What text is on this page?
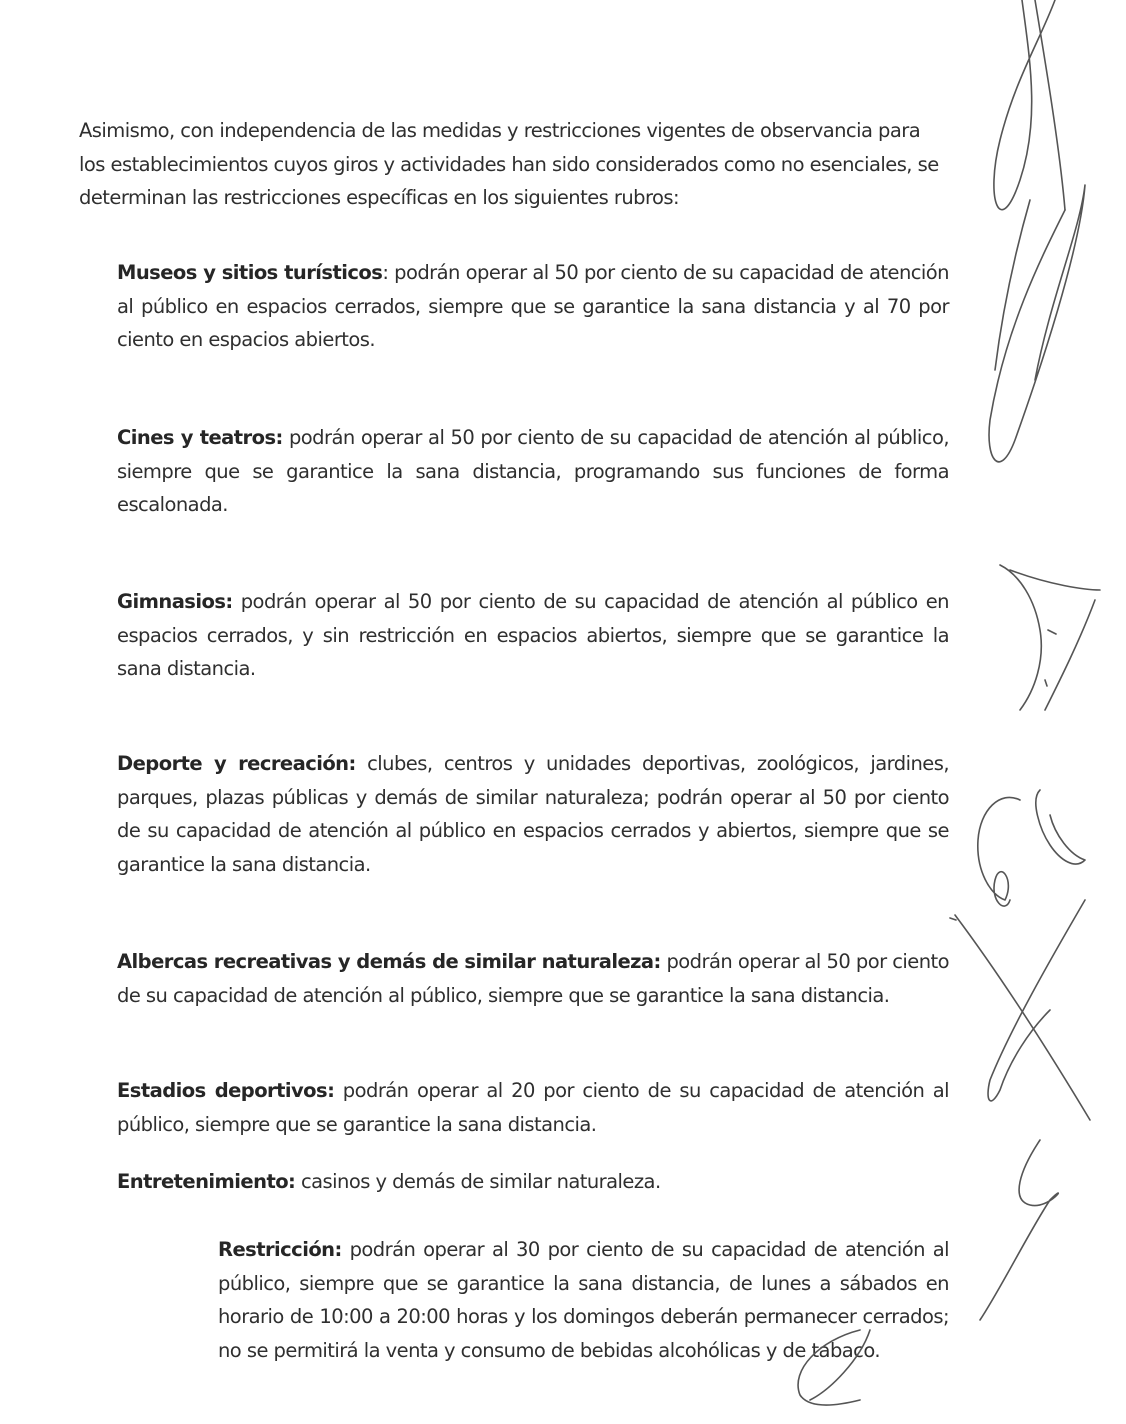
Asimismo, con independencia de las medidas y restricciones vigentes de observancia para los establecimientos cuyos giros y actividades han sido considerados como no esenciales, se determinan las restricciones específicas en los siguientes rubros:

Museos y sitios turísticos: podrán operar al 50 por ciento de su capacidad de atención al público en espacios cerrados, siempre que se garantice la sana distancia y al 70 por ciento en espacios abiertos.

Cines y teatros: podrán operar al 50 por ciento de su capacidad de atención al público, siempre que se garantice la sana distancia, programando sus funciones de forma escalonada.

Gimnasios: podrán operar al 50 por ciento de su capacidad de atención al público en espacios cerrados, y sin restricción en espacios abiertos, siempre que se garantice la sana distancia.

Deporte y recreación: clubes, centros y unidades deportivas, zoológicos, jardines, parques, plazas públicas y demás de similar naturaleza; podrán operar al 50 por ciento de su capacidad de atención al público en espacios cerrados y abiertos, siempre que se garantice la sana distancia.

Albercas recreativas y demás de similar naturaleza: podrán operar al 50 por ciento de su capacidad de atención al público, siempre que se garantice la sana distancia.

Estadios deportivos: podrán operar al 20 por ciento de su capacidad de atención al público, siempre que se garantice la sana distancia.

Entretenimiento: casinos y demás de similar naturaleza.

Restricción: podrán operar al 30 por ciento de su capacidad de atención al público, siempre que se garantice la sana distancia, de lunes a sábados en horario de 10:00 a 20:00 horas y los domingos deberán permanecer cerrados; no se permitirá la venta y consumo de bebidas alcohólicas y de tabaco.
